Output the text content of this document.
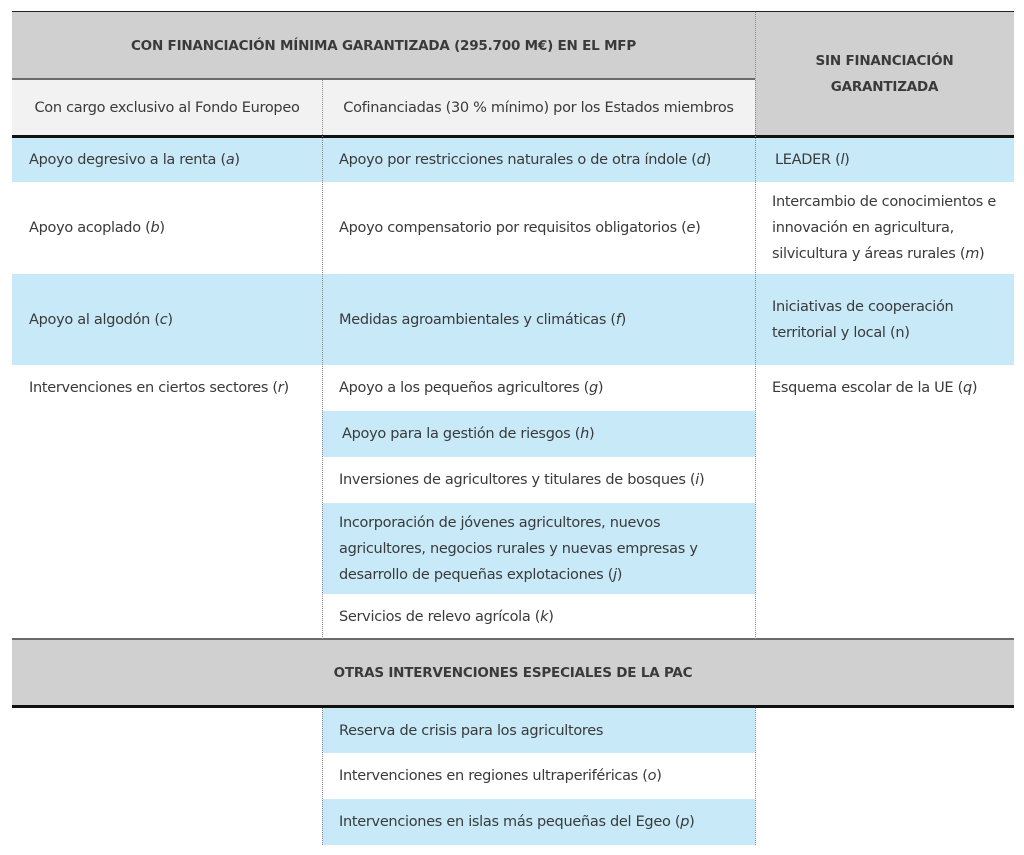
CON FINANCIACIÓN MÍNIMA GARANTIZADA (295.700 M€) EN EL MFP
SIN FINANCIACIÓN GARANTIZADA
Con cargo exclusivo al Fondo Europeo	Cofinanciadas (30 % mínimo) por los Estados miembros
Apoyo degresivo a la renta (a)
Apoyo acoplado (b)
Apoyo al algodón (c)
Intervenciones en ciertos sectores (r)
Apoyo por restricciones naturales o de otra índole (d)
Apoyo compensatorio por requisitos obligatorios (e)
Medidas agroambientales y climáticas (f)
Apoyo a los pequeños agricultores (g)
Apoyo para la gestión de riesgos (h)
Inversiones de agricultores y titulares de bosques (i)
Incorporación de jóvenes agricultores, nuevos agricultores, negocios rurales y nuevas empresas y desarrollo de pequeñas explotaciones (j)
Servicios de relevo agrícola (k)
LEADER (l)
Intercambio de conocimientos e innovación en agricultura, silvicultura y áreas rurales (m)
Iniciativas de cooperación territorial y local (n)
Esquema escolar de la UE (q)
OTRAS INTERVENCIONES ESPECIALES DE LA PAC
Reserva de crisis para los agricultores
Intervenciones en regiones ultraperiféricas (o)
Intervenciones en islas más pequeñas del Egeo (p)
